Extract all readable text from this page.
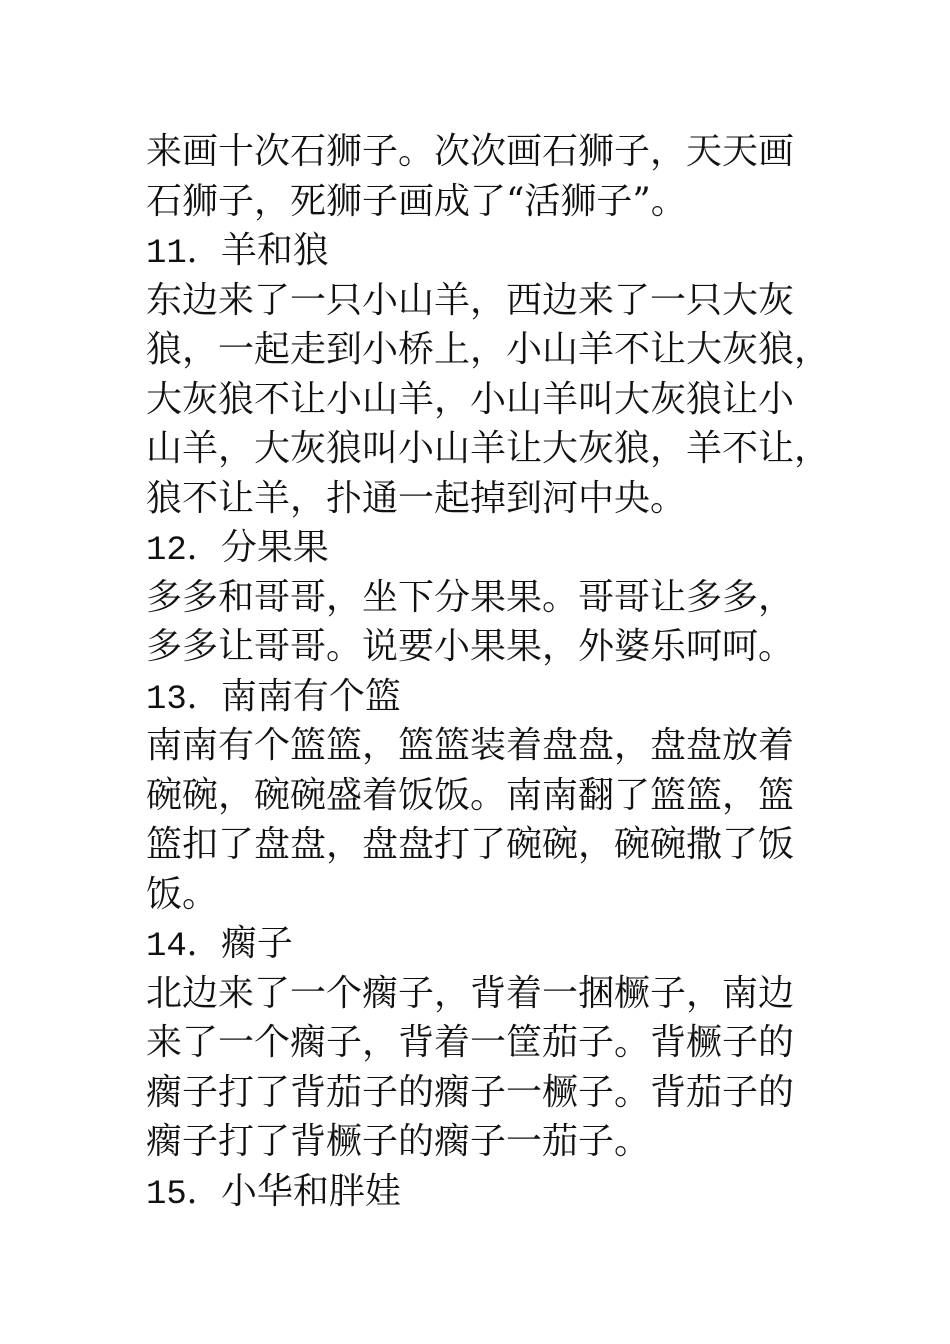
来画十次石狮子。次次画石狮子，天天画
石狮子，死狮子画成了“活狮子”。
11．羊和狼
东边来了一只小山羊，西边来了一只大灰
狼，一起走到小桥上，小山羊不让大灰狼，
大灰狼不让小山羊，小山羊叫大灰狼让小
山羊，大灰狼叫小山羊让大灰狼，羊不让，
狼不让羊，扑通一起掉到河中央。
12．分果果
多多和哥哥，坐下分果果。哥哥让多多，
多多让哥哥。说要小果果，外婆乐呵呵。
13．南南有个篮
南南有个篮篮，篮篮装着盘盘，盘盘放着
碗碗，碗碗盛着饭饭。南南翻了篮篮，篮
篮扣了盘盘，盘盘打了碗碗，碗碗撒了饭
饭。
14．瘸子
北边来了一个瘸子，背着一捆橛子，南边
来了一个瘸子，背着一筐茄子。背橛子的
瘸子打了背茄子的瘸子一橛子。背茄子的
瘸子打了背橛子的瘸子一茄子。
15．小华和胖娃
